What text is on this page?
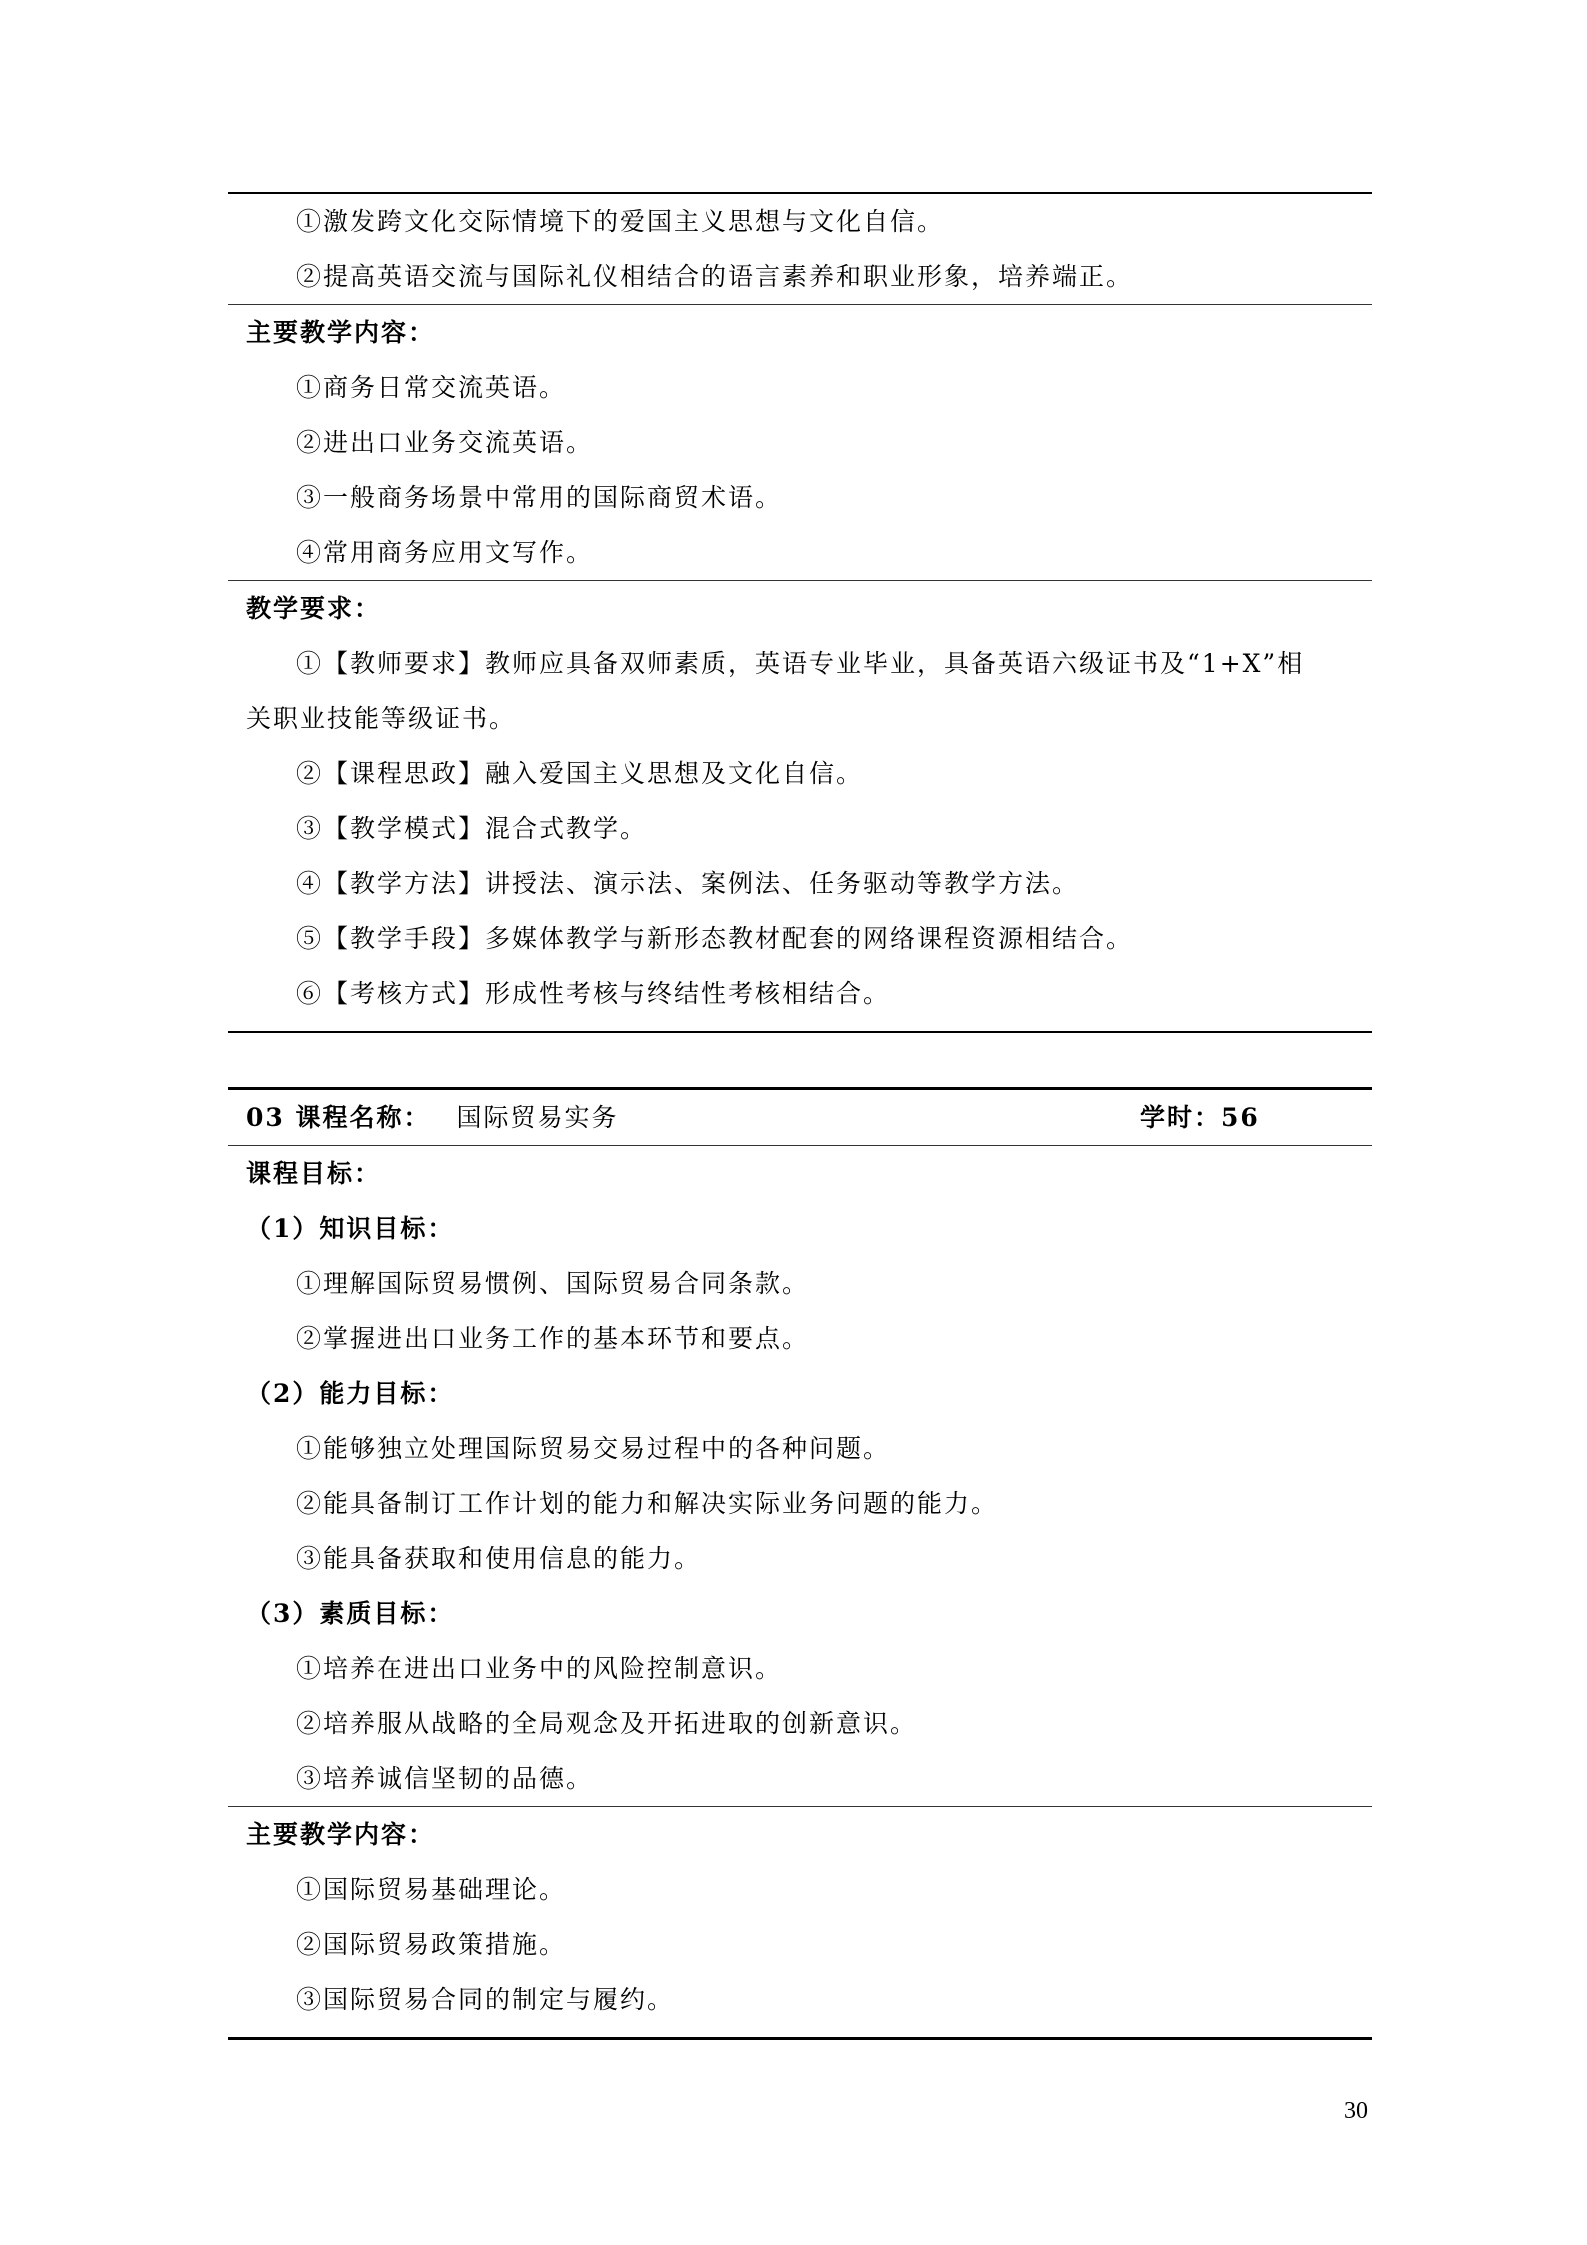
①激发跨文化交际情境下的爱国主义思想与文化自信。
②提高英语交流与国际礼仪相结合的语言素养和职业形象，培养端正。
主要教学内容：
①商务日常交流英语。
②进出口业务交流英语。
③一般商务场景中常用的国际商贸术语。
④常用商务应用文写作。
教学要求：
①【教师要求】教师应具备双师素质，英语专业毕业，具备英语六级证书及“1+X”相
关职业技能等级证书。
②【课程思政】融入爱国主义思想及文化自信。
③【教学模式】混合式教学。
④【教学方法】讲授法、演示法、案例法、任务驱动等教学方法。
⑤【教学手段】多媒体教学与新形态教材配套的网络课程资源相结合。
⑥【考核方式】形成性考核与终结性考核相结合。
03 课程名称： 国际贸易实务	学时：56
课程目标：
（1）知识目标：
①理解国际贸易惯例、国际贸易合同条款。
②掌握进出口业务工作的基本环节和要点。
（2）能力目标：
①能够独立处理国际贸易交易过程中的各种问题。
②能具备制订工作计划的能力和解决实际业务问题的能力。
③能具备获取和使用信息的能力。
（3）素质目标：
①培养在进出口业务中的风险控制意识。
②培养服从战略的全局观念及开拓进取的创新意识。
③培养诚信坚韧的品德。
主要教学内容：
①国际贸易基础理论。
②国际贸易政策措施。
③国际贸易合同的制定与履约。
30
